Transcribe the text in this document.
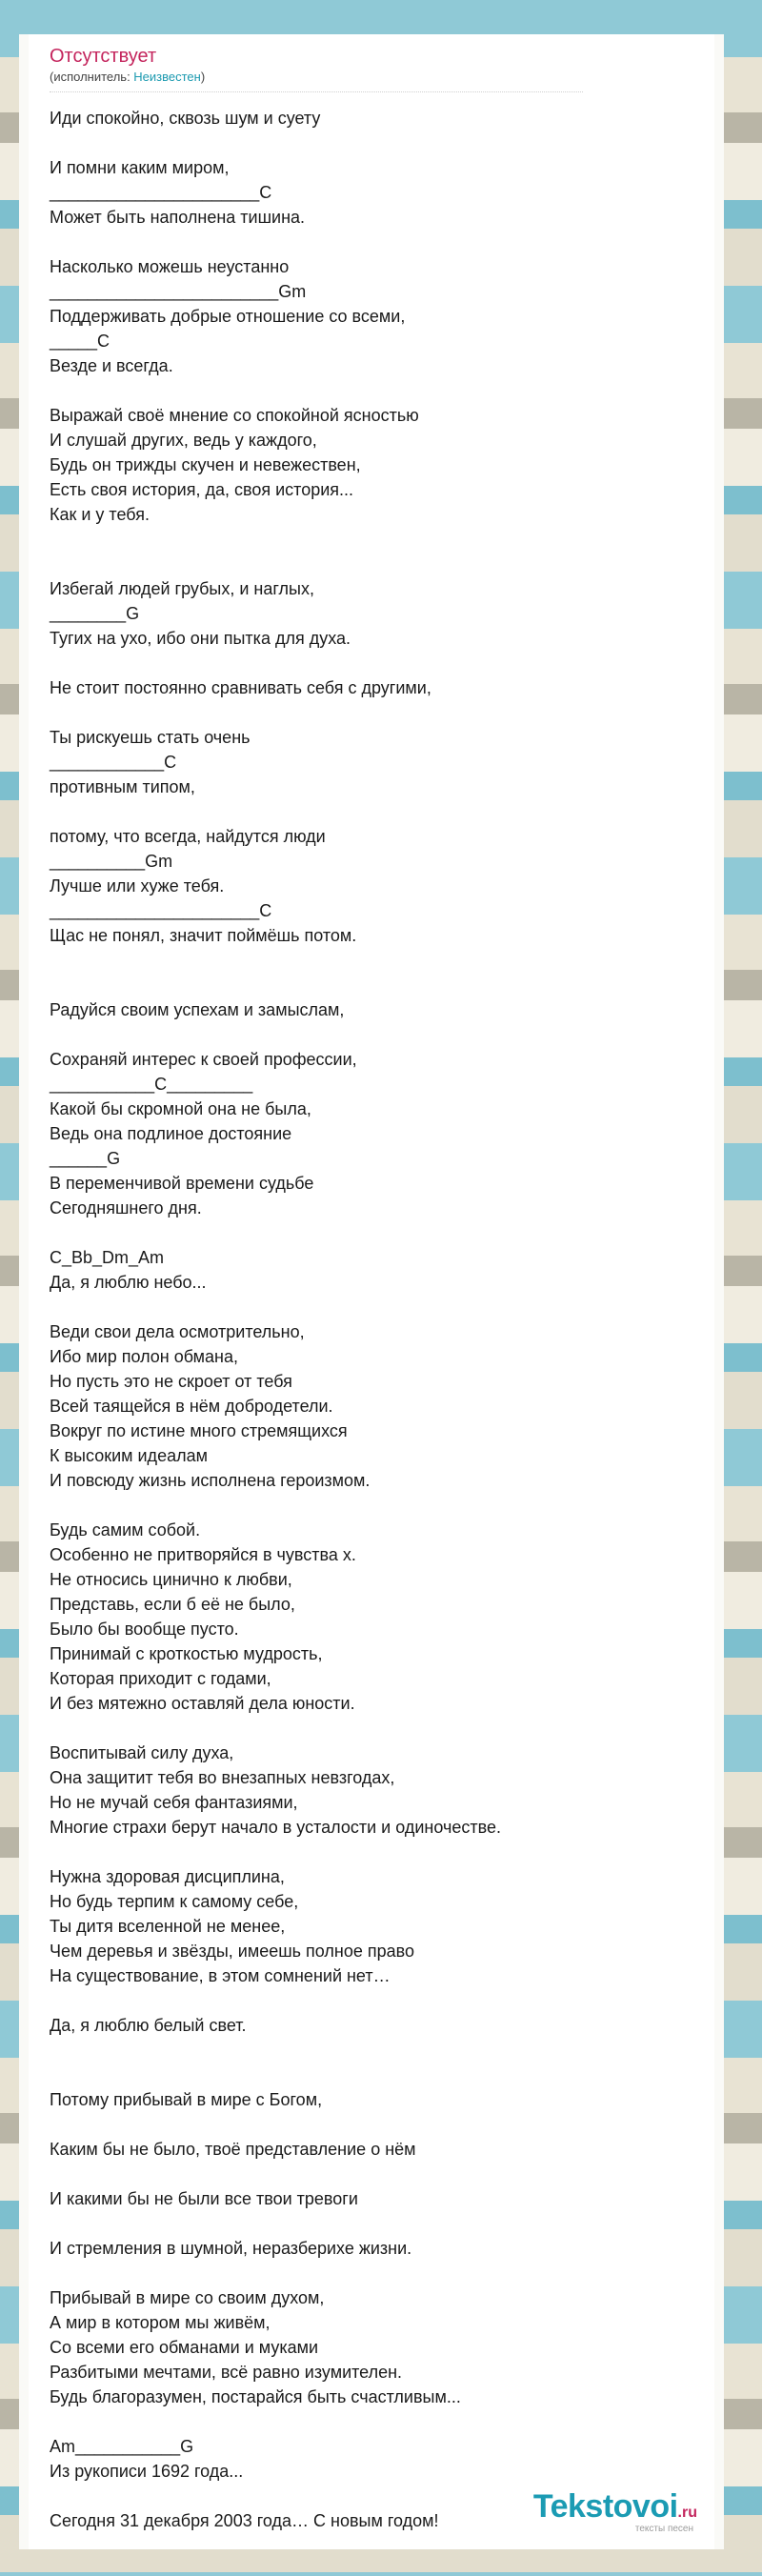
Отсутствует
(исполнитель: Неизвестен)
Иди спокойно, сквозь шум и суету
И помни каким миром,
______________________C
Может быть наполнена тишина.
Насколько можешь неустанно
________________________Gm
Поддерживать добрые отношение со всеми,
_____C
Везде и всегда.
Выражай своё мнение со спокойной ясностью
И слушай других, ведь у каждого,
Будь он трижды скучен и невежествен,
Есть своя история, да, своя история...
Как и у тебя.
Избегай людей грубых, и наглых,
________G
Тугих на ухо, ибо они пытка для духа.
Не стоит постоянно сравнивать себя с другими,
Ты рискуешь стать очень
____________C
противным типом,
потому, что всегда, найдутся люди
__________Gm
Лучше или хуже тебя.
______________________C
Щас не понял, значит поймёшь потом.
Радуйся своим успехам и замыслам,
Сохраняй интерес к своей профессии,
___________C_________
Какой бы скромной она не была,
Ведь она подлиное достояние
______G
В переменчивой времени судьбе
Сегодняшнего дня.
C_Bb_Dm_Am
Да, я люблю небо...
Веди свои дела осмотрительно,
Ибо мир полон обмана,
Но пусть это не скроет от тебя
Всей таящейся в нём добродетели.
Вокруг по истине много стремящихся
К высоким идеалам
И повсюду жизнь исполнена героизмом.
Будь самим собой.
Особенно не притворяйся в чувства х.
Не относись цинично к любви,
Представь, если б её не было,
Было бы вообще пусто.
Принимай с кроткостью мудрость,
Которая приходит с годами,
И без мятежно оставляй дела юности.
Воспитывай силу духа,
Она защитит тебя во внезапных невзгодах,
Но не мучай себя фантазиями,
Многие страхи берут начало в усталости и одиночестве.
Нужна здоровая дисциплина,
Но будь терпим к самому себе,
Ты дитя вселенной не менее,
Чем деревья и звёзды, имеешь полное право
На существование, в этом сомнений нет…
Да, я люблю белый свет.
Потому прибывай в мире с Богом,
Каким бы не было, твоё представление о нём
И какими бы не были все твои тревоги
И стремления в шумной, неразберихе жизни.
Прибывай в мире со своим духом,
А мир в котором мы живём,
Со всеми его обманами и муками
Разбитыми мечтами, всё равно изумителен.
Будь благоразумен, постарайся быть счастливым...
Am___________G
Из рукописи 1692 года...
Сегодня 31 декабря 2003 года… С новым годом!	Tekstovoi.ru
тексты песен
